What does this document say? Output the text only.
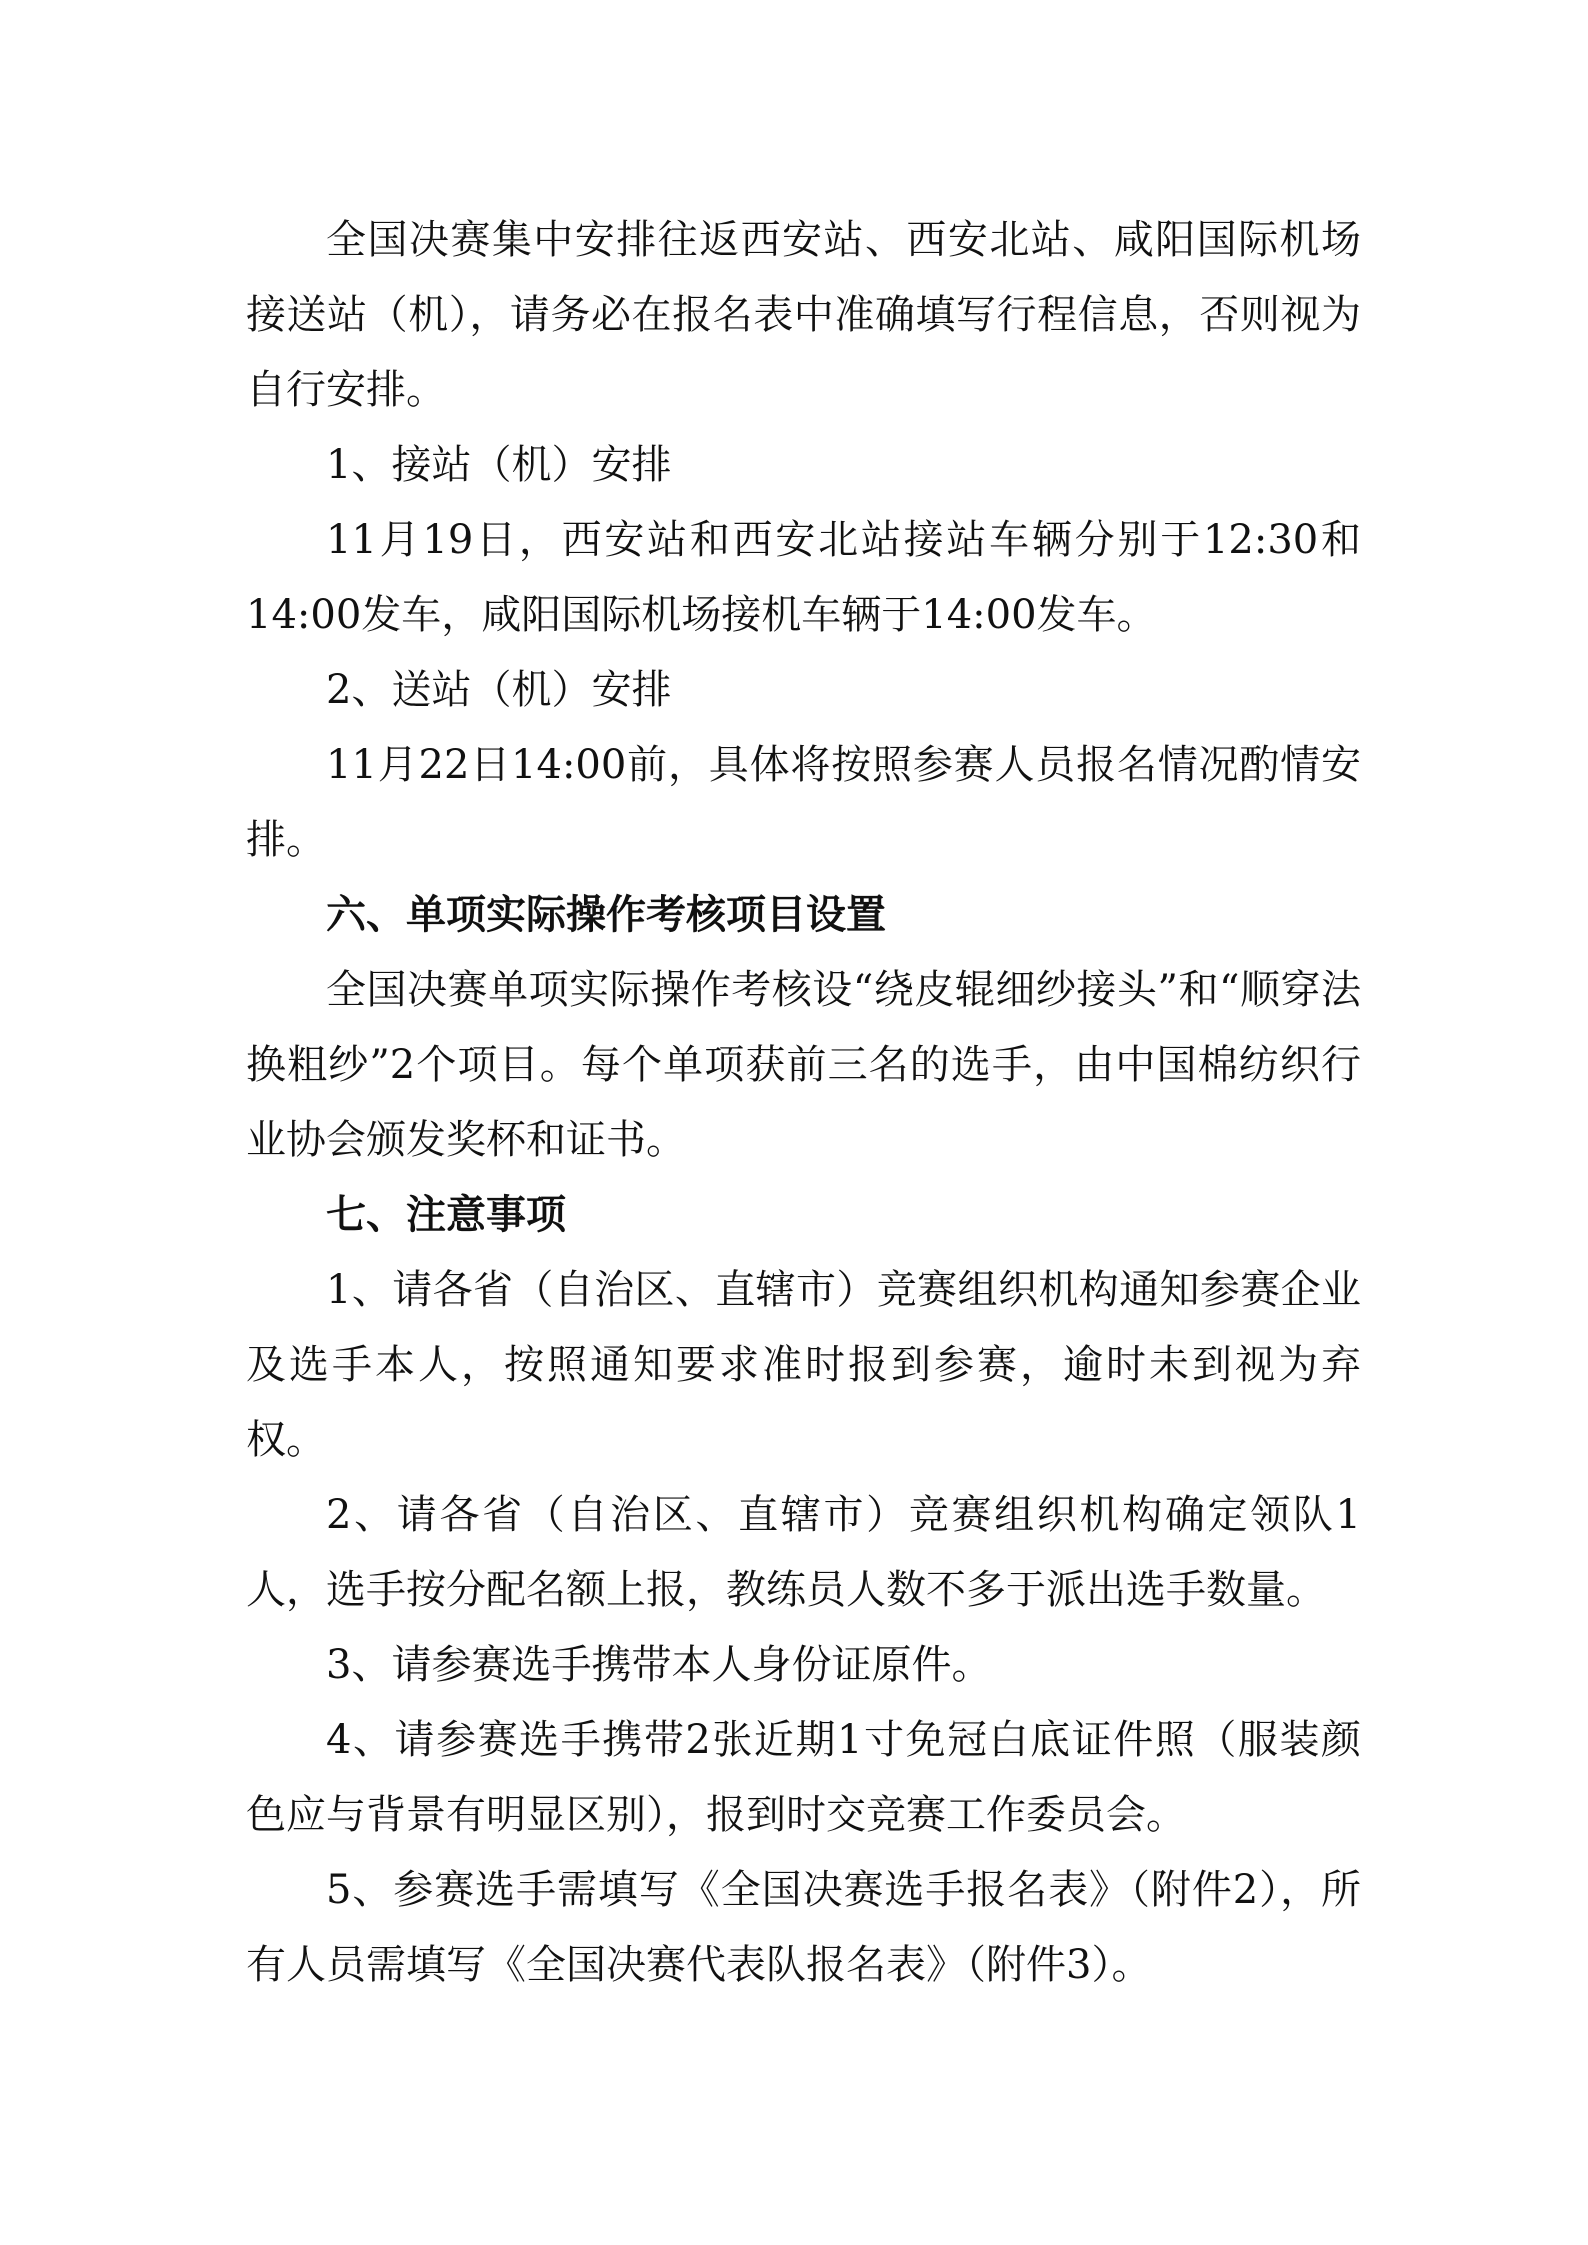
全国决赛集中安排往返西安站、西安北站、咸阳国际机场接送站（机），请务必在报名表中准确填写行程信息，否则视为自行安排。

1、接站（机）安排

11月19日，西安站和西安北站接站车辆分别于12:30和14:00发车，咸阳国际机场接机车辆于14:00发车。

2、送站（机）安排

11月22日14:00前，具体将按照参赛人员报名情况酌情安排。

六、单项实际操作考核项目设置

全国决赛单项实际操作考核设“绕皮辊细纱接头”和“顺穿法换粗纱”2个项目。每个单项获前三名的选手，由中国棉纺织行业协会颁发奖杯和证书。

七、注意事项

1、请各省（自治区、直辖市）竞赛组织机构通知参赛企业及选手本人，按照通知要求准时报到参赛，逾时未到视为弃权。

2、请各省（自治区、直辖市）竞赛组织机构确定领队1人，选手按分配名额上报，教练员人数不多于派出选手数量。

3、请参赛选手携带本人身份证原件。

4、请参赛选手携带2张近期1寸免冠白底证件照（服装颜色应与背景有明显区别），报到时交竞赛工作委员会。

5、参赛选手需填写《全国决赛选手报名表》（附件2），所有人员需填写《全国决赛代表队报名表》（附件3）。
